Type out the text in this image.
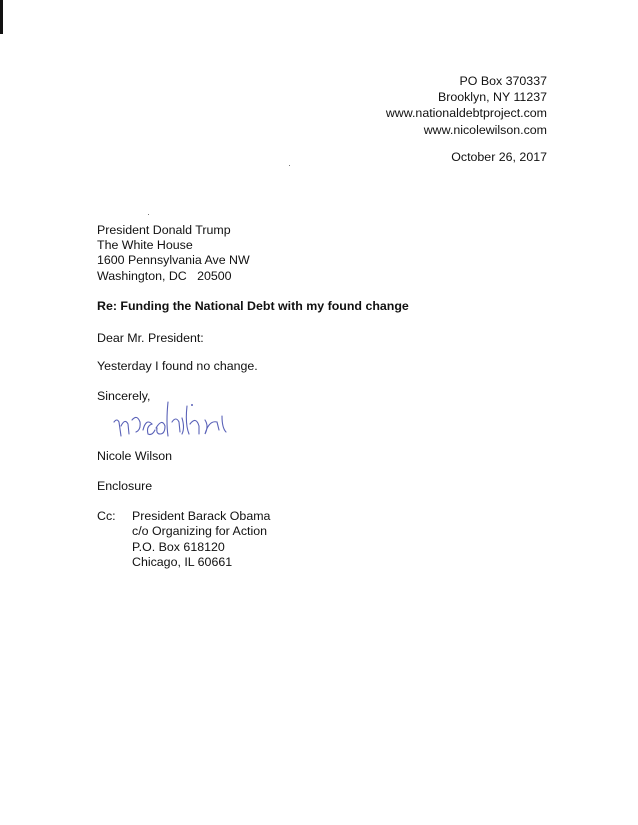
PO Box 370337
Brooklyn, NY 11237
www.nationaldebtproject.com
www.nicolewilson.com
October 26, 2017
President Donald Trump
The White House
1600 Pennsylvania Ave NW
Washington, DC   20500
Re: Funding the National Debt with my found change
Dear Mr. President:
Yesterday I found no change.
Sincerely,
Nicole Wilson
Enclosure
Cc: President Barack Obama
c/o Organizing for Action
P.O. Box 618120
Chicago, IL 60661
